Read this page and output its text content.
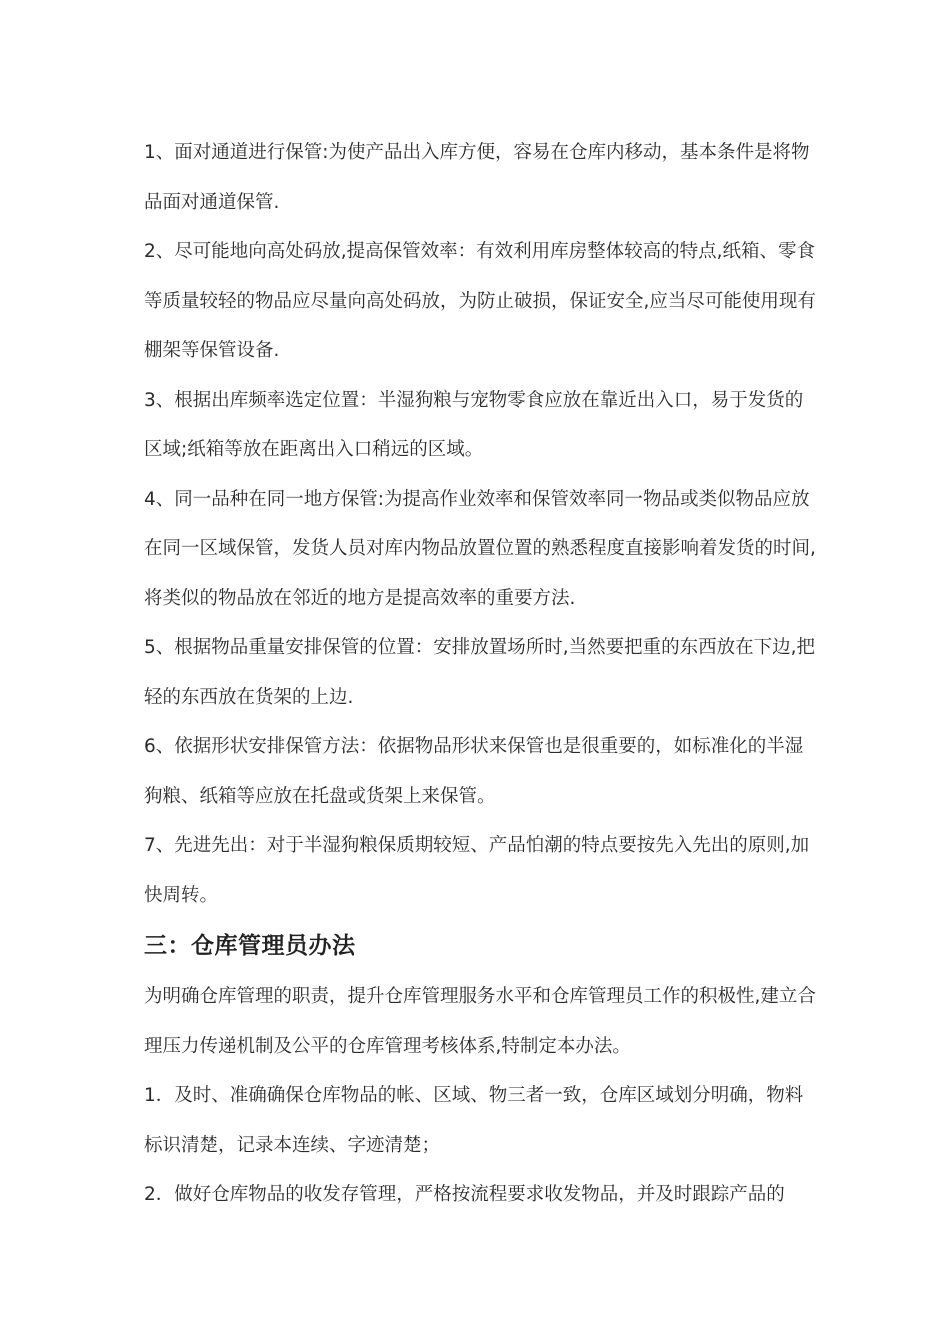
1、面对通道进行保管:为使产品出入库方便，容易在仓库内移动，基本条件是将物品面对通道保管.

2、尽可能地向高处码放,提高保管效率：有效利用库房整体较高的特点,纸箱、零食等质量较轻的物品应尽量向高处码放，为防止破损，保证安全,应当尽可能使用现有棚架等保管设备.

3、根据出库频率选定位置：半湿狗粮与宠物零食应放在靠近出入口，易于发货的区域;纸箱等放在距离出入口稍远的区域。

4、同一品种在同一地方保管:为提高作业效率和保管效率同一物品或类似物品应放在同一区域保管，发货人员对库内物品放置位置的熟悉程度直接影响着发货的时间,将类似的物品放在邻近的地方是提高效率的重要方法.

5、根据物品重量安排保管的位置：安排放置场所时,当然要把重的东西放在下边,把轻的东西放在货架的上边.

6、依据形状安排保管方法：依据物品形状来保管也是很重要的，如标准化的半湿狗粮、纸箱等应放在托盘或货架上来保管。

7、先进先出：对于半湿狗粮保质期较短、产品怕潮的特点要按先入先出的原则,加快周转。

三：仓库管理员办法

为明确仓库管理的职责，提升仓库管理服务水平和仓库管理员工作的积极性,建立合理压力传递机制及公平的仓库管理考核体系,特制定本办法。

1．及时、准确确保仓库物品的帐、区域、物三者一致，仓库区域划分明确，物料标识清楚，记录本连续、字迹清楚；

2．做好仓库物品的收发存管理，严格按流程要求收发物品，并及时跟踪产品的
